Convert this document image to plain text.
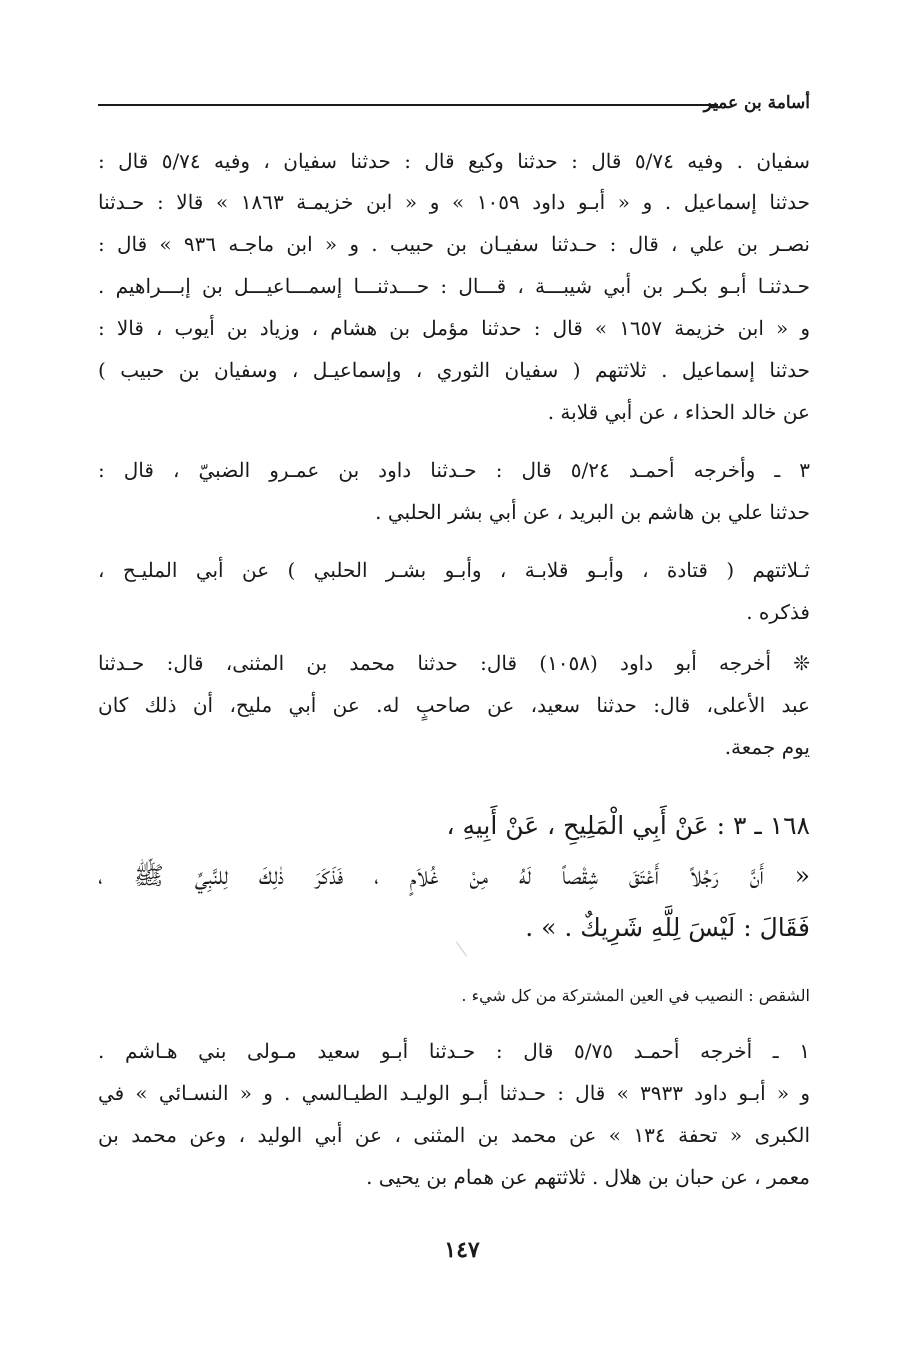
أسامة بن عمير
سفيان . وفيه ٥/٧٤ قال : حدثنا وكيع قال : حدثنا سفيان ، وفيه ٥/٧٤ قال :
حدثنا إسماعيل . و « أبـو داود ١٠٥٩ » و « ابن خزيمـة ١٨٦٣ » قالا : حـدثنا
نصـر بن علي ، قال : حـدثنا سفيـان بن حبيب . و « ابن ماجـه ٩٣٦ » قال :
حـدثنـا أبـو بكـر بن أبي شيبـــة ، قـــال : حـــدثنـــا إسمـــاعيـــل بن إبـــراهيم .
و « ابن خزيمة ١٦٥٧ » قال : حدثنا مؤمل بن هشام ، وزياد بن أيوب ، قالا :
حدثنا إسماعيل . ثلاثتهم ( سفيان الثوري ، وإسماعيـل ، وسفيان بن حبيب )
عن خالد الحذاء ، عن أبي قلابة .
٣ ـ وأخرجه أحمـد ٥/٢٤ قال : حـدثنا داود بن عمـرو الضبيّ ، قال :
حدثنا علي بن هاشم بن البريد ، عن أبي بشر الحلبي .
ثـلاثتهم ( قتادة ، وأبـو قلابـة ، وأبـو بشـر الحلبي ) عن أبي المليـح ،
فذكره .
❊ أخرجه أبو داود (١٠٥٨) قال: حدثنا محمد بن المثنى، قال: حـدثنا
عبد الأعلى، قال: حدثنا سعيد، عن صاحبٍ له. عن أبي مليح، أن ذلك كان
يوم جمعة.
١٦٨ ـ ٣ : عَنْ أَبِي الْمَلِيحِ ، عَنْ أَبِيهِ ،
« أَنَّ رَجُلاً أَعْتَقَ شِقْصاً لَهُ مِنْ غُلاَمٍ ، فَذَكَرَ ذٰلِكَ لِلنَّبِيِّ ﷺ ،
فَقَالَ : لَيْسَ لِلَّهِ شَرِيكٌ . » .
الشقص : النصيب في العين المشتركة من كل شيء .
١ ـ أخرجه أحمـد ٥/٧٥ قال : حـدثنا أبـو سعيد مـولى بني هـاشم .
و « أبـو داود ٣٩٣٣ » قال : حـدثنا أبـو الوليـد الطيـالسي . و « النسـائي » في
الكبرى « تحفة ١٣٤ » عن محمد بن المثنى ، عن أبي الوليد ، وعن محمد بن
معمر ، عن حبان بن هلال . ثلاثتهم عن همام بن يحيى .
١٤٧
